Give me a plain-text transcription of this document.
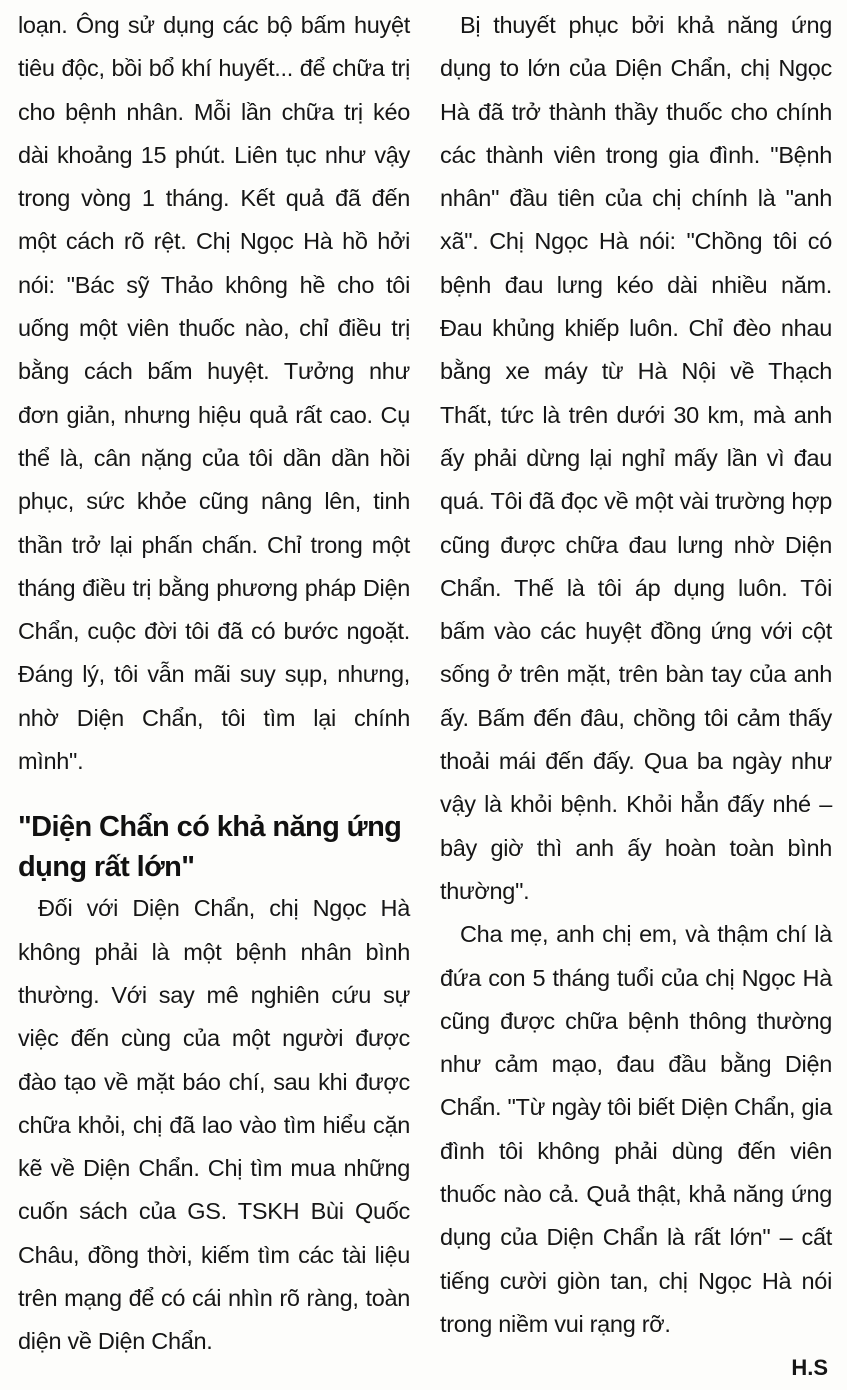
loạn. Ông sử dụng các bộ bấm huyệt tiêu độc, bồi bổ khí huyết... để chữa trị cho bệnh nhân. Mỗi lần chữa trị kéo dài khoảng 15 phút. Liên tục như vậy trong vòng 1 tháng. Kết quả đã đến một cách rõ rệt. Chị Ngọc Hà hồ hởi nói: "Bác sỹ Thảo không hề cho tôi uống một viên thuốc nào, chỉ điều trị bằng cách bấm huyệt. Tưởng như đơn giản, nhưng hiệu quả rất cao. Cụ thể là, cân nặng của tôi dần dần hồi phục, sức khỏe cũng nâng lên, tinh thần trở lại phấn chấn. Chỉ trong một tháng điều trị bằng phương pháp Diện Chẩn, cuộc đời tôi đã có bước ngoặt. Đáng lý, tôi vẫn mãi suy sụp, nhưng, nhờ Diện Chẩn, tôi tìm lại chính mình".

"Diện Chẩn có khả năng ứng dụng rất lớn"

Đối với Diện Chẩn, chị Ngọc Hà không phải là một bệnh nhân bình thường. Với say mê nghiên cứu sự việc đến cùng của một người được đào tạo về mặt báo chí, sau khi được chữa khỏi, chị đã lao vào tìm hiểu cặn kẽ về Diện Chẩn. Chị tìm mua những cuốn sách của GS. TSKH Bùi Quốc Châu, đồng thời, kiếm tìm các tài liệu trên mạng để có cái nhìn rõ ràng, toàn diện về Diện Chẩn.

Bị thuyết phục bởi khả năng ứng dụng to lớn của Diện Chẩn, chị Ngọc Hà đã trở thành thầy thuốc cho chính các thành viên trong gia đình. "Bệnh nhân" đầu tiên của chị chính là "anh xã". Chị Ngọc Hà nói: "Chồng tôi có bệnh đau lưng kéo dài nhiều năm. Đau khủng khiếp luôn. Chỉ đèo nhau bằng xe máy từ Hà Nội về Thạch Thất, tức là trên dưới 30 km, mà anh ấy phải dừng lại nghỉ mấy lần vì đau quá. Tôi đã đọc về một vài trường hợp cũng được chữa đau lưng nhờ Diện Chẩn. Thế là tôi áp dụng luôn. Tôi bấm vào các huyệt đồng ứng với cột sống ở trên mặt, trên bàn tay của anh ấy. Bấm đến đâu, chồng tôi cảm thấy thoải mái đến đấy. Qua ba ngày như vậy là khỏi bệnh. Khỏi hẳn đấy nhé – bây giờ thì anh ấy hoàn toàn bình thường".

Cha mẹ, anh chị em, và thậm chí là đứa con 5 tháng tuổi của chị Ngọc Hà cũng được chữa bệnh thông thường như cảm mạo, đau đầu bằng Diện Chẩn. "Từ ngày tôi biết Diện Chẩn, gia đình tôi không phải dùng đến viên thuốc nào cả. Quả thật, khả năng ứng dụng của Diện Chẩn là rất lớn" – cất tiếng cười giòn tan, chị Ngọc Hà nói trong niềm vui rạng rỡ.

H.S
